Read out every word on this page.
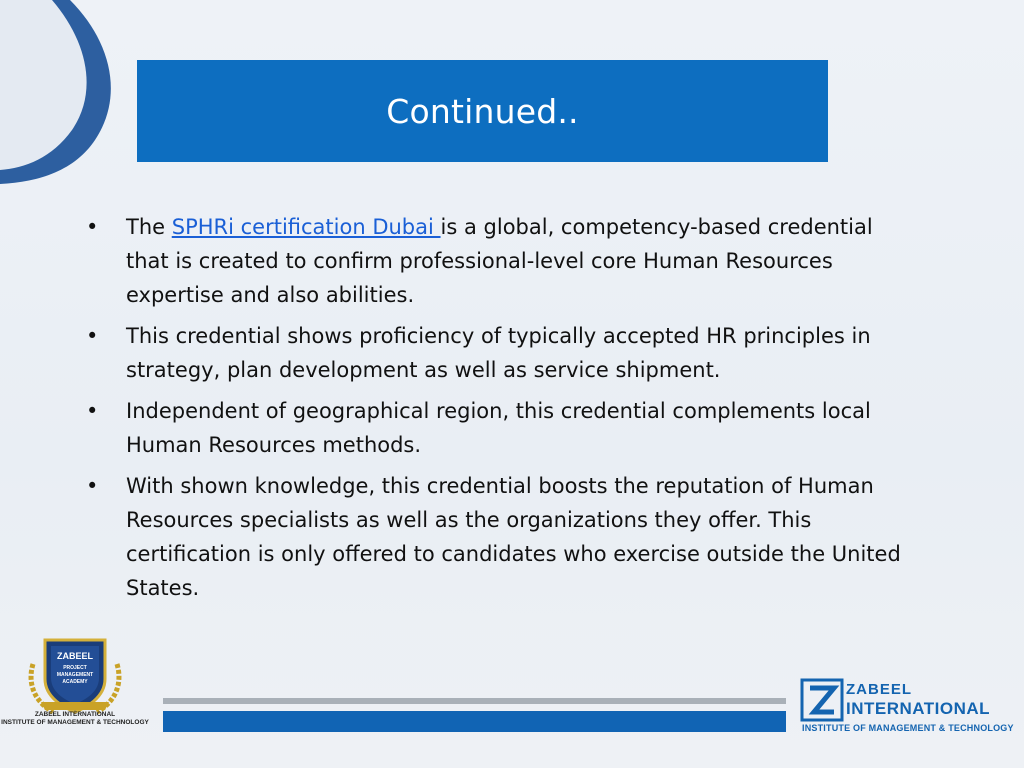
Continued..
•	The SPHRi certification Dubai is a global, competency-based credential that is created to confirm professional-level core Human Resources expertise and also abilities.
•	This credential shows proficiency of typically accepted HR principles in strategy, plan development as well as service shipment.
•	Independent of geographical region, this credential complements local Human Resources methods.
•	With shown knowledge, this credential boosts the reputation of Human Resources specialists as well as the organizations they offer. This certification is only offered to candidates who exercise outside the United States.
ZABEEL
PROJECT
MANAGEMENT
ACADEMY
ZABEEL INTERNATIONAL
INSTITUTE OF MANAGEMENT & TECHNOLOGY
ZABEEL
INTERNATIONAL
INSTITUTE OF MANAGEMENT & TECHNOLOGY
